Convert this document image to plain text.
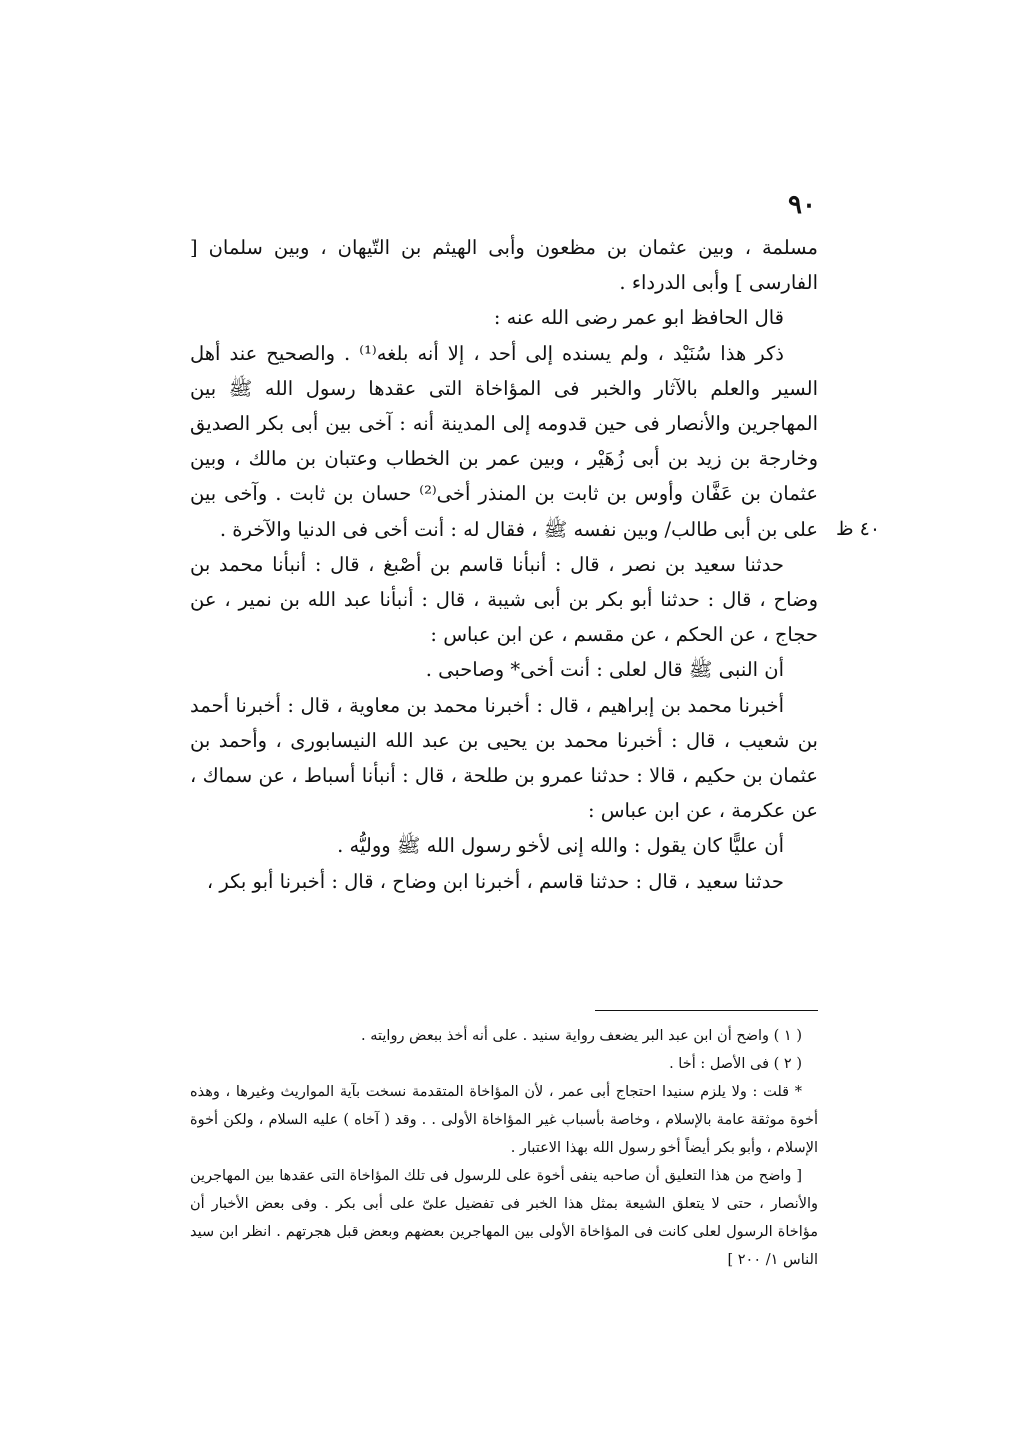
٩٠
٤٠ ظ

مسلمة ، وبين عثمان بن مظعون وأبى الهيثم بن التّيهان ، وبين سلمان [ الفارسى ] وأبى الدرداء .

قال الحافظ ابو عمر رضى الله عنه :

ذكر هذا سُنَيْد ، ولم يسنده إلى أحد ، إلا أنه بلغه⁽¹⁾ . والصحيح عند أهل السير والعلم بالآثار والخبر فى المؤاخاة التى عقدها رسول الله ﷺ بين المهاجرين والأنصار فى حين قدومه إلى المدينة أنه : آخى بين أبى بكر الصديق وخارجة بن زيد بن أبى زُهَيْر ، وبين عمر بن الخطاب وعتبان بن مالك ، وبين عثمان بن عَفَّان وأوس بن ثابت بن المنذر أخى⁽²⁾ حسان بن ثابت . وآخى بين على بن أبى طالب/ وبين نفسه ﷺ ، فقال له : أنت أخى فى الدنيا والآخرة .

حدثنا سعيد بن نصر ، قال : أنبأنا قاسم بن أصْبغ ، قال : أنبأنا محمد بن وضاح ، قال : حدثنا أبو بكر بن أبى شيبة ، قال : أنبأنا عبد الله بن نمير ، عن حجاج ، عن الحكم ، عن مقسم ، عن ابن عباس :

أن النبى ﷺ قال لعلى : أنت أخى* وصاحبى .

أخبرنا محمد بن إبراهيم ، قال : أخبرنا محمد بن معاوية ، قال : أخبرنا أحمد بن شعيب ، قال : أخبرنا محمد بن يحيى بن عبد الله النيسابورى ، وأحمد بن عثمان بن حكيم ، قالا : حدثنا عمرو بن طلحة ، قال : أنبأنا أسباط ، عن سماك ، عن عكرمة ، عن ابن عباس :

أن عليًّا كان يقول : والله إنى لأخو رسول الله ﷺ ووليُّه .

حدثنا سعيد ، قال : حدثنا قاسم ، أخبرنا ابن وضاح ، قال : أخبرنا أبو بكر ،

( ١ ) واضح أن ابن عبد البر يضعف رواية سنيد . على أنه أخذ ببعض روايته .

( ٢ ) فى الأصل : أخا .

* قلت : ولا يلزم سنيدا احتجاج أبى عمر ، لأن المؤاخاة المتقدمة نسخت بآية المواريث وغيرها ، وهذه أخوة موثقة عامة بالإسلام ، وخاصة بأسباب غير المؤاخاة الأولى . . وقد ( آخاه ) عليه السلام ، ولكن أخوة الإسلام ، وأبو بكر أيضاً أخو رسول الله بهذا الاعتبار .

[ واضح من هذا التعليق أن صاحبه ينفى أخوة على للرسول فى تلك المؤاخاة التى عقدها بين المهاجرين والأنصار ، حتى لا يتعلق الشيعة بمثل هذا الخبر فى تفضيل علىّ على أبى بكر . وفى بعض الأخبار أن مؤاخاة الرسول لعلى كانت فى المؤاخاة الأولى بين المهاجرين بعضهم وبعض قبل هجرتهم . انظر ابن سيد الناس ١/ ٢٠٠ ]
